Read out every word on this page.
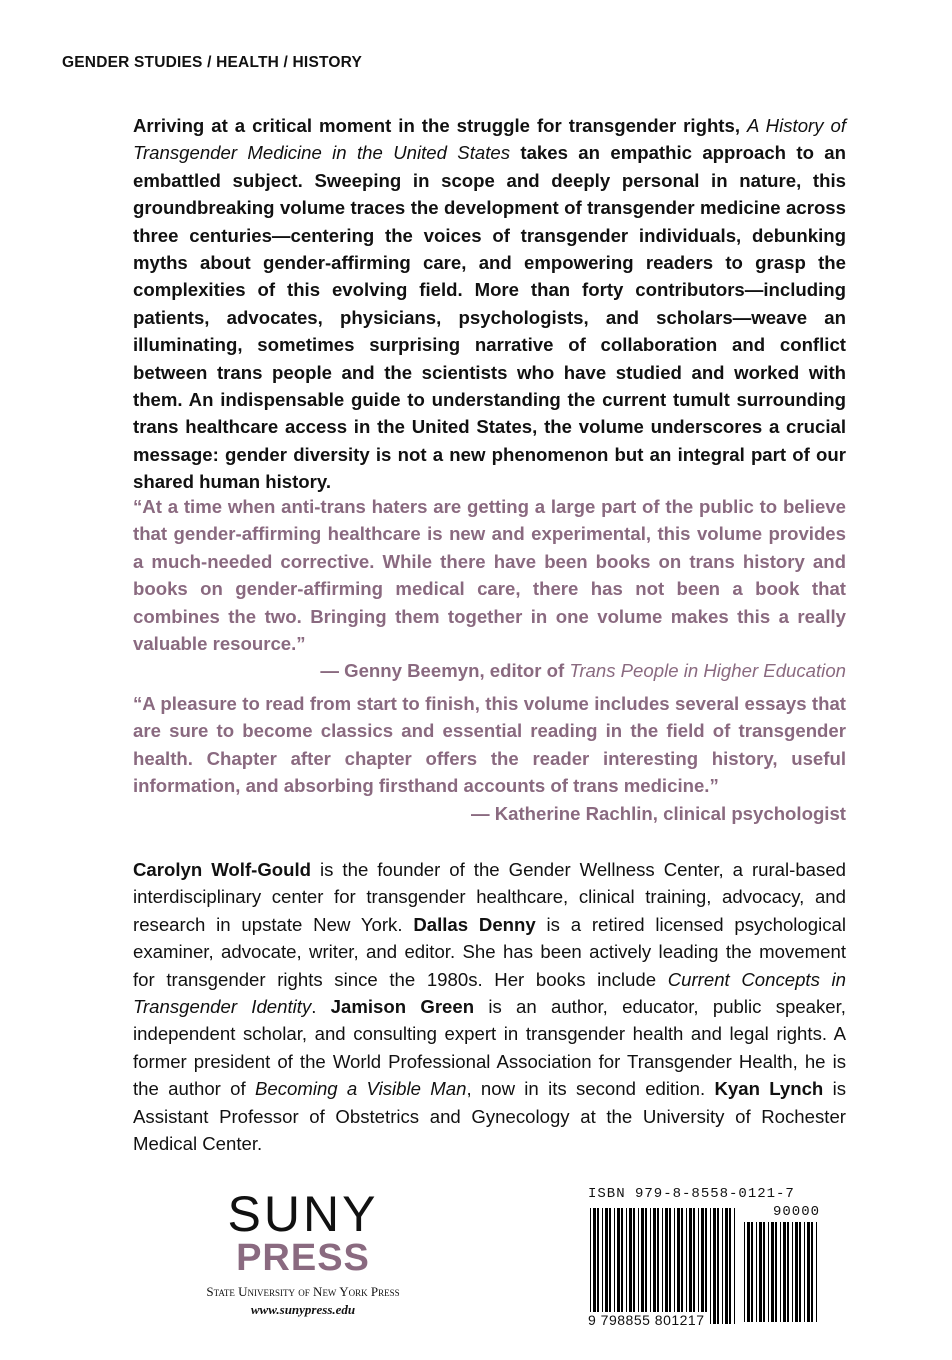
GENDER STUDIES / HEALTH / HISTORY

Arriving at a critical moment in the struggle for transgender rights, A History of Transgender Medicine in the United States takes an empathic approach to an embattled subject. Sweeping in scope and deeply personal in nature, this groundbreaking volume traces the development of transgender medicine across three centuries—centering the voices of transgender individuals, debunking myths about gender-affirming care, and empowering readers to grasp the complexities of this evolving field. More than forty contributors—including patients, advocates, physicians, psychologists, and scholars—weave an illuminating, sometimes surprising narrative of collaboration and conflict between trans people and the scientists who have studied and worked with them. An indispensable guide to understanding the current tumult surrounding trans healthcare access in the United States, the volume underscores a crucial message: gender diversity is not a new phenomenon but an integral part of our shared human history.

“At a time when anti-trans haters are getting a large part of the public to believe that gender-affirming healthcare is new and experimental, this volume provides a much-needed corrective. While there have been books on trans history and books on gender-affirming medical care, there has not been a book that combines the two. Bringing them together in one volume makes this a really valuable resource.”
— Genny Beemyn, editor of Trans People in Higher Education
“A pleasure to read from start to finish, this volume includes several essays that are sure to become classics and essential reading in the field of transgender health. Chapter after chapter offers the reader interesting history, useful information, and absorbing firsthand accounts of trans medicine.”
— Katherine Rachlin, clinical psychologist

Carolyn Wolf-Gould is the founder of the Gender Wellness Center, a rural-based interdisciplinary center for transgender healthcare, clinical training, advocacy, and research in upstate New York. Dallas Denny is a retired licensed psychological examiner, advocate, writer, and editor. She has been actively leading the movement for transgender rights since the 1980s. Her books include Current Concepts in Transgender Identity. Jamison Green is an author, educator, public speaker, independent scholar, and consulting expert in transgender health and legal rights. A former president of the World Professional Association for Transgender Health, he is the author of Becoming a Visible Man, now in its second edition. Kyan Lynch is Assistant Professor of Obstetrics and Gynecology at the University of Rochester Medical Center.

SUNY
PRESS
State University of New York Press
www.sunypress.edu
ISBN 979-8-8558-0121-7
90000
9 798855 801217
